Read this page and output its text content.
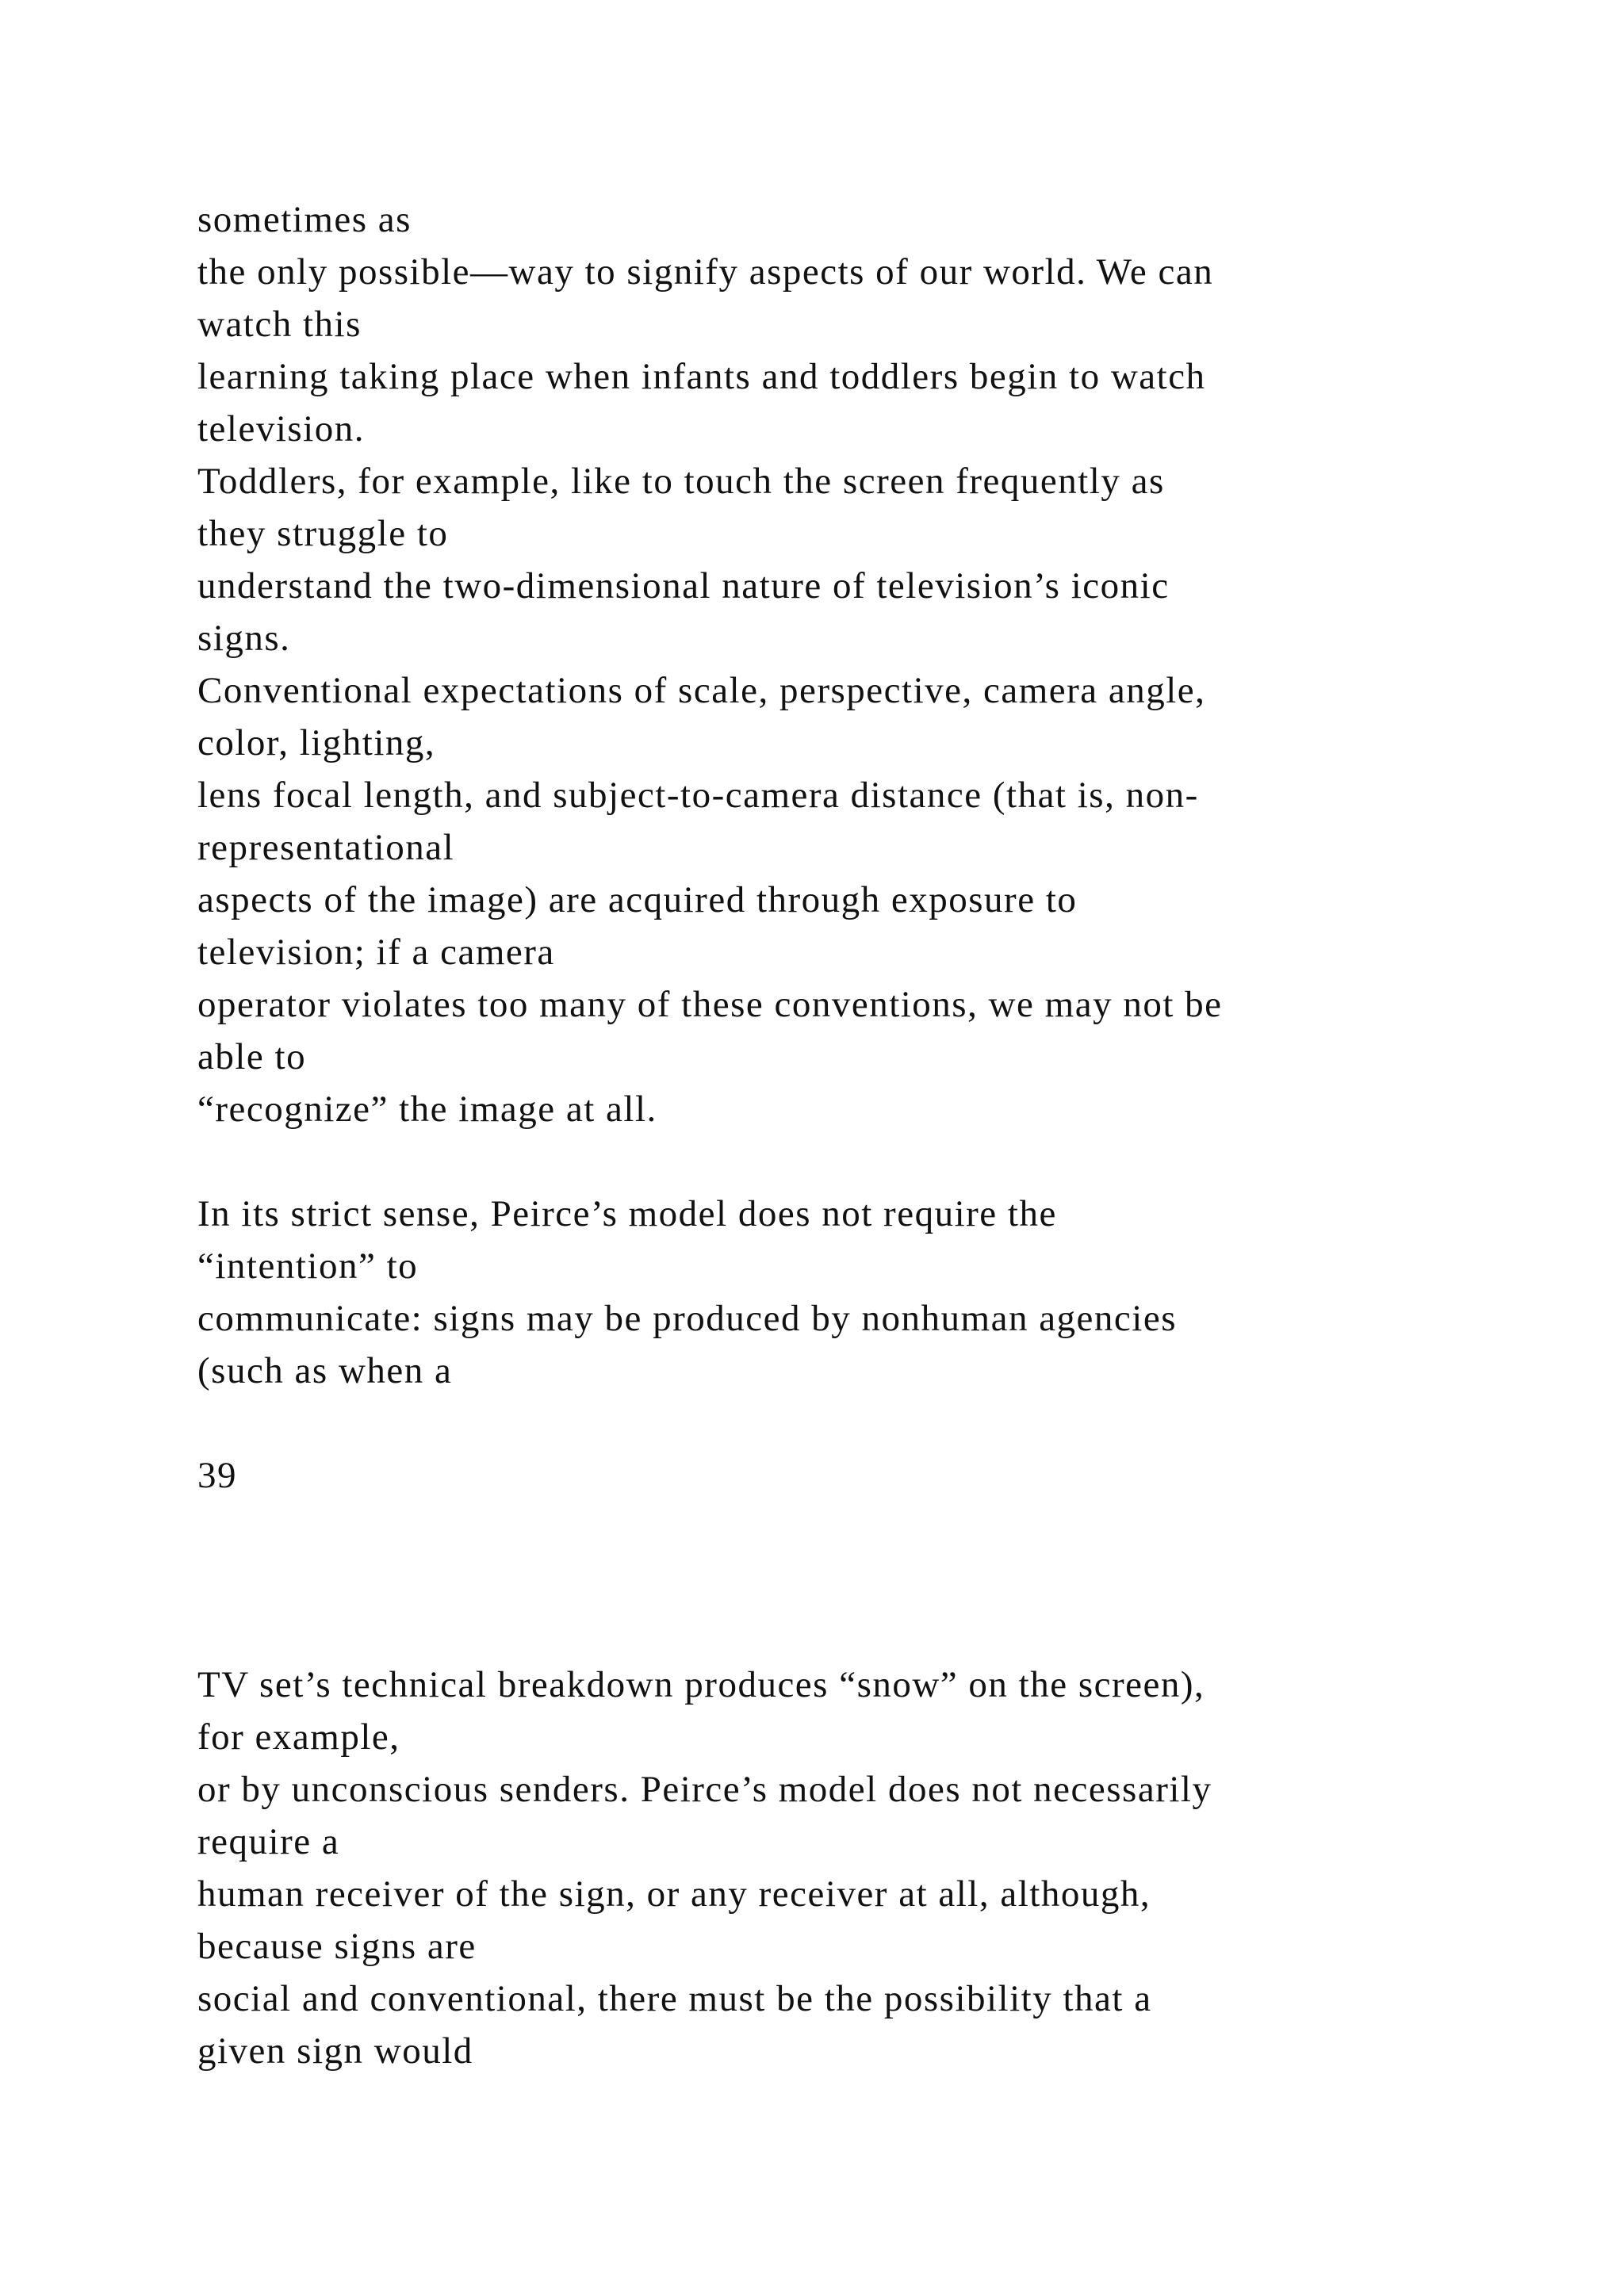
sometimes as
the only possible—way to signify aspects of our world. We can
watch this
learning taking place when infants and toddlers begin to watch
television.
Toddlers, for example, like to touch the screen frequently as
they struggle to
understand the two-dimensional nature of television’s iconic
signs.
Conventional expectations of scale, perspective, camera angle,
color, lighting,
lens focal length, and subject-to-camera distance (that is, non-
representational
aspects of the image) are acquired through exposure to
television; if a camera
operator violates too many of these conventions, we may not be
able to
“recognize” the image at all.
In its strict sense, Peirce’s model does not require the
“intention” to
communicate: signs may be produced by nonhuman agencies
(such as when a
39
TV set’s technical breakdown produces “snow” on the screen),
for example,
or by unconscious senders. Peirce’s model does not necessarily
require a
human receiver of the sign, or any receiver at all, although,
because signs are
social and conventional, there must be the possibility that a
given sign would
